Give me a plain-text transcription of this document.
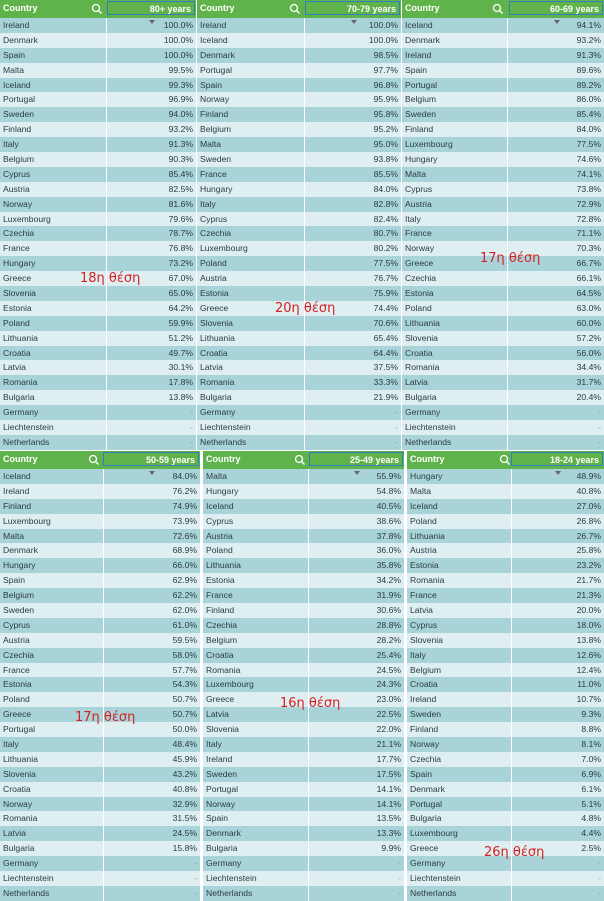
Country	80+ years
Ireland	100.0%
Denmark	100.0%
Spain	100.0%
Malta	99.5%
Iceland	99.3%
Portugal	96.9%
Sweden	94.0%
Finland	93.2%
Italy	91.3%
Belgium	90.3%
Cyprus	85.4%
Austria	82.5%
Norway	81.6%
Luxembourg	79.6%
Czechia	78.7%
France	76.8%
Hungary	73.2%
Greece	67.0%
Slovenia	65.0%
Estonia	64.2%
Poland	59.9%
Lithuania	51.2%
Croatia	49.7%
Latvia	30.1%
Romania	17.8%
Bulgaria	13.8%
Germany	-
Liechtenstein	-
Netherlands	-
18η θέση
Country	70-79 years
Ireland	100.0%
Iceland	100.0%
Denmark	98.5%
Portugal	97.7%
Spain	96.8%
Norway	95.9%
Finland	95.8%
Belgium	95.2%
Malta	95.0%
Sweden	93.8%
France	85.5%
Hungary	84.0%
Italy	82.8%
Cyprus	82.4%
Czechia	80.7%
Luxembourg	80.2%
Poland	77.5%
Austria	76.7%
Estonia	75.9%
Greece	74.4%
Slovenia	70.6%
Lithuania	65.4%
Croatia	64.4%
Latvia	37.5%
Romania	33.3%
Bulgaria	21.9%
Germany	-
Liechtenstein	-
Netherlands	-
20η θέση
Country	60-69 years
Iceland	94.1%
Denmark	93.2%
Ireland	91.3%
Spain	89.6%
Portugal	89.2%
Belgium	86.0%
Sweden	85.4%
Finland	84.0%
Luxembourg	77.5%
Hungary	74.6%
Malta	74.1%
Cyprus	73.8%
Austria	72.9%
Italy	72.8%
France	71.1%
Norway	70.3%
Greece	66.7%
Czechia	66.1%
Estonia	64.5%
Poland	63.0%
Lithuania	60.0%
Slovenia	57.2%
Croatia	56.0%
Romania	34.4%
Latvia	31.7%
Bulgaria	20.4%
Germany	-
Liechtenstein	-
Netherlands	-
17η θέση
Country	50-59 years
Iceland	84.0%
Ireland	76.2%
Finland	74.9%
Luxembourg	73.9%
Malta	72.6%
Denmark	68.9%
Hungary	66.0%
Spain	62.9%
Belgium	62.2%
Sweden	62.0%
Cyprus	61.0%
Austria	59.5%
Czechia	58.0%
France	57.7%
Estonia	54.3%
Poland	50.7%
Greece	50.7%
Portugal	50.0%
Italy	48.4%
Lithuania	45.9%
Slovenia	43.2%
Croatia	40.8%
Norway	32.9%
Romania	31.5%
Latvia	24.5%
Bulgaria	15.8%
Germany	-
Liechtenstein	-
Netherlands	-
17η θέση
Country	25-49 years
Malta	55.9%
Hungary	54.8%
Iceland	40.5%
Cyprus	38.6%
Austria	37.8%
Poland	36.0%
Lithuania	35.8%
Estonia	34.2%
France	31.9%
Finland	30.6%
Czechia	28.8%
Belgium	28.2%
Croatia	25.4%
Romania	24.5%
Luxembourg	24.3%
Greece	23.0%
Latvia	22.5%
Slovenia	22.0%
Italy	21.1%
Ireland	17.7%
Sweden	17.5%
Portugal	14.1%
Norway	14.1%
Spain	13.5%
Denmark	13.3%
Bulgaria	9.9%
Germany	-
Liechtenstein	-
Netherlands	-
16η θέση
Country	18-24 years
Hungary	48.9%
Malta	40.8%
Iceland	27.0%
Poland	26.8%
Lithuania	26.7%
Austria	25.8%
Estonia	23.2%
Romania	21.7%
France	21.3%
Latvia	20.0%
Cyprus	18.0%
Slovenia	13.8%
Italy	12.6%
Belgium	12.4%
Croatia	11.0%
Ireland	10.7%
Sweden	9.3%
Finland	8.8%
Norway	8.1%
Czechia	7.0%
Spain	6.9%
Denmark	6.1%
Portugal	5.1%
Bulgaria	4.8%
Luxembourg	4.4%
Greece	2.5%
Germany	-
Liechtenstein	-
Netherlands	-
26η θέση
